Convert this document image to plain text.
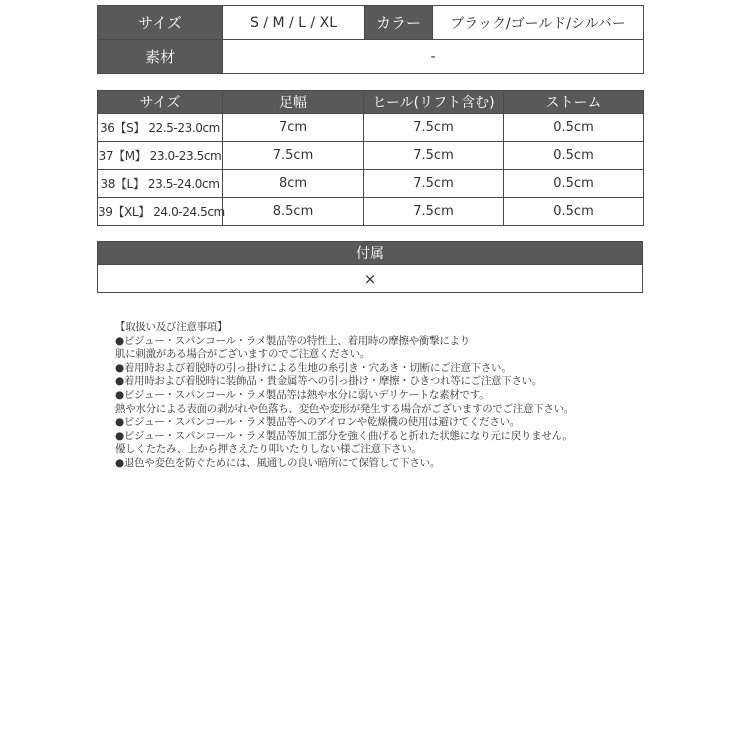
サイズ	S / M / L / XL	カラー	ブラック/ゴールド/シルバー
素材	-		
サイズ	足幅	ヒール(リフト含む)	ストーム
36【S】 22.5-23.0cm	7cm	7.5cm	0.5cm
37【M】 23.0-23.5cm	7.5cm	7.5cm	0.5cm
38【L】 23.5-24.0cm	8cm	7.5cm	0.5cm
39【XL】 24.0-24.5cm	8.5cm	7.5cm	0.5cm
付属
×
【取扱い及び注意事項】
●ビジュー・スパンコール・ラメ製品等の特性上、着用時の摩擦や衝撃により
肌に刺激がある場合がございますのでご注意ください。
●着用時および着脱時の引っ掛けによる生地の糸引き・穴あき・切断にご注意下さい。
●着用時および着脱時に装飾品・貴金属等への引っ掛け・摩擦・ひきつれ等にご注意下さい。
●ビジュー・スパンコール・ラメ製品等は熱や水分に弱いデリケートな素材です。
熱や水分による表面の剥がれや色落ち、変色や変形が発生する場合がございますのでご注意下さい。
●ビジュー・スパンコール・ラメ製品等へのアイロンや乾燥機の使用は避けてください。
●ビジュー・スパンコール・ラメ製品等加工部分を強く曲げると折れた状態になり元に戻りません。
優しくたたみ、上から押さえたり叩いたりしない様ご注意下さい。
●退色や変色を防ぐためには、風通しの良い暗所にて保管して下さい。
